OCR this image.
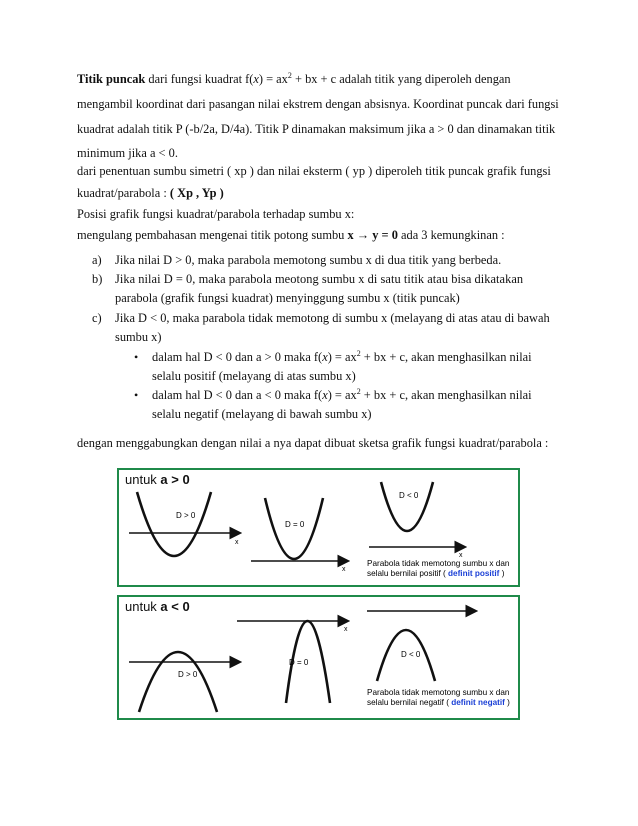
Titik puncak dari fungsi kuadrat $f(x) = ax^2$ + bx + c adalah titik yang diperoleh dengan
mengambil koordinat dari pasangan nilai ekstrem dengan absisnya. Koordinat puncak dari fungsi
kuadrat adalah titik P (-b/2a, D/4a). Titik P dinamakan maksimum jika a > 0 dan dinamakan titik
minimum jika a < 0.
dari penentuan sumbu simetri ( xp ) dan nilai eksterm ( yp ) diperoleh titik puncak grafik fungsi
kuadrat/parabola : ( Xp , Yp )
Posisi grafik fungsi kuadrat/parabola terhadap sumbu x:
mengulang pembahasan mengenai titik potong sumbu x → y = 0 ada 3 kemungkinan :
a) Jika nilai D > 0, maka parabola memotong sumbu x di dua titik yang berbeda.
b) Jika nilai D = 0, maka parabola meotong sumbu x di satu titik atau bisa dikatakan
parabola (grafik fungsi kuadrat) menyinggung sumbu x (titik puncak)
c) Jika D < 0, maka parabola tidak memotong di sumbu x (melayang di atas atau di bawah
sumbu x)
• dalam hal D < 0 dan a > 0 maka $f(x) = ax^2$ + bx + c, akan menghasilkan nilai
selalu positif (melayang di atas sumbu x)
• dalam hal D < 0 dan a < 0 maka $f(x) = ax^2$ + bx + c, akan menghasilkan nilai
selalu negatif (melayang di bawah sumbu x)
dengan menggabungkan dengan nilai a nya dapat dibuat sketsa grafik fungsi kuadrat/parabola :
untuk a > 0
D > 0
x
D = 0
x
D < 0
x
Parabola tidak memotong sumbu x dan
selalu bernilai positif ( definit positif )
untuk a < 0
D > 0
x
D = 0
D < 0
Parabola tidak memotong sumbu x dan
selalu bernilai negatif ( definit negatif )
